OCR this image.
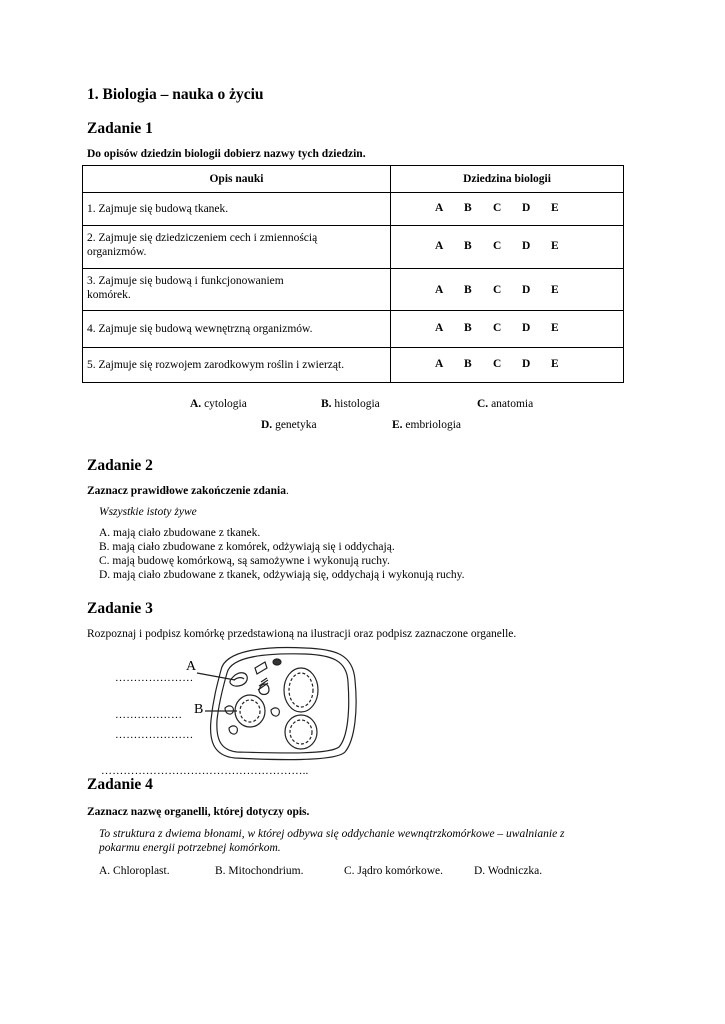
1. Biologia – nauka o życiu
Zadanie 1
Do opisów dziedzin biologii dobierz nazwy tych dziedzin.
Opis nauki	Dziedzina biologii

1. Zajmuje się budową tkanek.	A B C D E

2. Zajmuje się dziedziczeniem cech i zmiennością
organizmów.	A B C D E

3. Zajmuje się budową i funkcjonowaniem
komórek.	A B C D E

4. Zajmuje się budową wewnętrzną organizmów.	A B C D E

5. Zajmuje się rozwojem zarodkowym roślin i zwierząt.	A B C D E
A. cytologia	B. histologia	C. anatomia
D. genetyka	E. embriologia
Zadanie 2
Zaznacz prawidłowe zakończenie zdania.
Wszystkie istoty żywe
A. mają ciało zbudowane z tkanek.
B. mają ciało zbudowane z komórek, odżywiają się i oddychają.
C. mają budowę komórkową, są samożywne i wykonują ruchy.
D. mają ciało zbudowane z tkanek, odżywiają się, oddychają i wykonują ruchy.
Zadanie 3
Rozpoznaj i podpisz komórkę przedstawioną na ilustracji oraz podpisz zaznaczone organelle.
…………………
………………
…………………
………………………………………………..
A
B
Zadanie 4
Zaznacz nazwę organelli, której dotyczy opis.
To struktura z dwiema błonami, w której odbywa się oddychanie wewnątrzkomórkowe – uwalnianie z
pokarmu energii potrzebnej komórkom.
A. Chloroplast.	B. Mitochondrium.	C. Jądro komórkowe.	D. Wodniczka.
